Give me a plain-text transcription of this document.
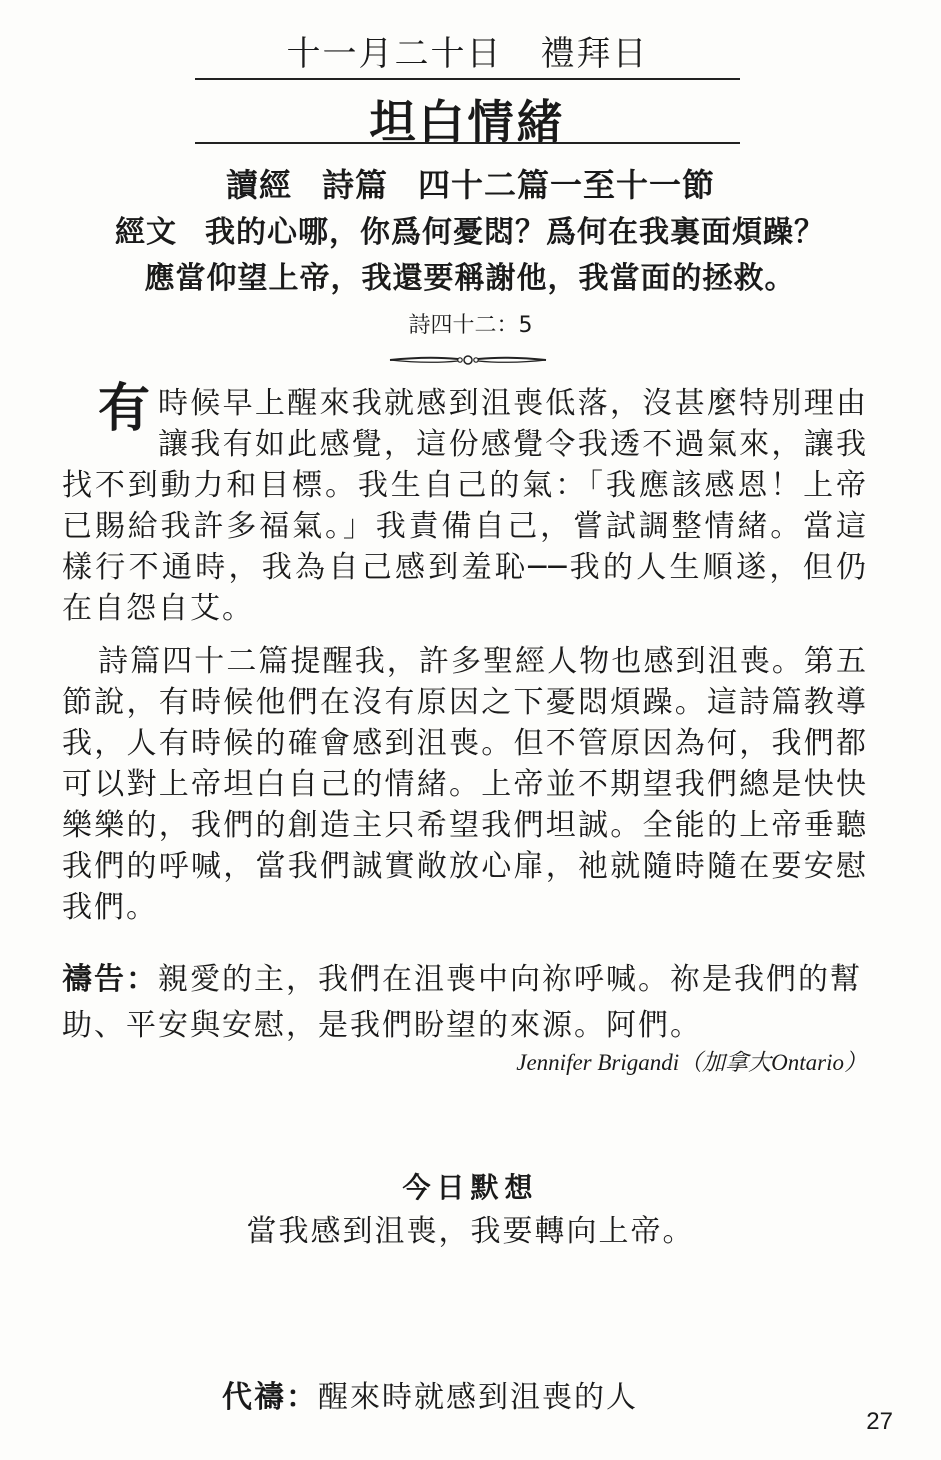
十一月二十日 禮拜日
坦白情緒
讀經 詩篇 四十二篇一至十一節
經文 我的心哪，你爲何憂悶？爲何在我裏面煩躁？
應當仰望上帝，我還要稱謝他，我當面的拯救。
詩四十二：5

有時候早上醒來我就感到沮喪低落，沒甚麼特別理由讓我有如此感覺，這份感覺令我透不過氣來，讓我找不到動力和目標。我生自己的氣：「我應該感恩！上帝已賜給我許多福氣。」我責備自己，嘗試調整情緒。當這樣行不通時，我為自己感到羞恥──我的人生順遂，但仍在自怨自艾。

詩篇四十二篇提醒我，許多聖經人物也感到沮喪。第五節說，有時候他們在沒有原因之下憂悶煩躁。這詩篇教導我，人有時候的確會感到沮喪。但不管原因為何，我們都可以對上帝坦白自己的情緒。上帝並不期望我們總是快快樂樂的，我們的創造主只希望我們坦誠。全能的上帝垂聽我們的呼喊，當我們誠實敞放心扉，祂就隨時隨在要安慰我們。

禱告：親愛的主，我們在沮喪中向祢呼喊。祢是我們的幫助、平安與安慰，是我們盼望的來源。阿們。
Jennifer Brigandi（加拿大Ontario）
今日默想
當我感到沮喪，我要轉向上帝。
代禱：醒來時就感到沮喪的人
27
